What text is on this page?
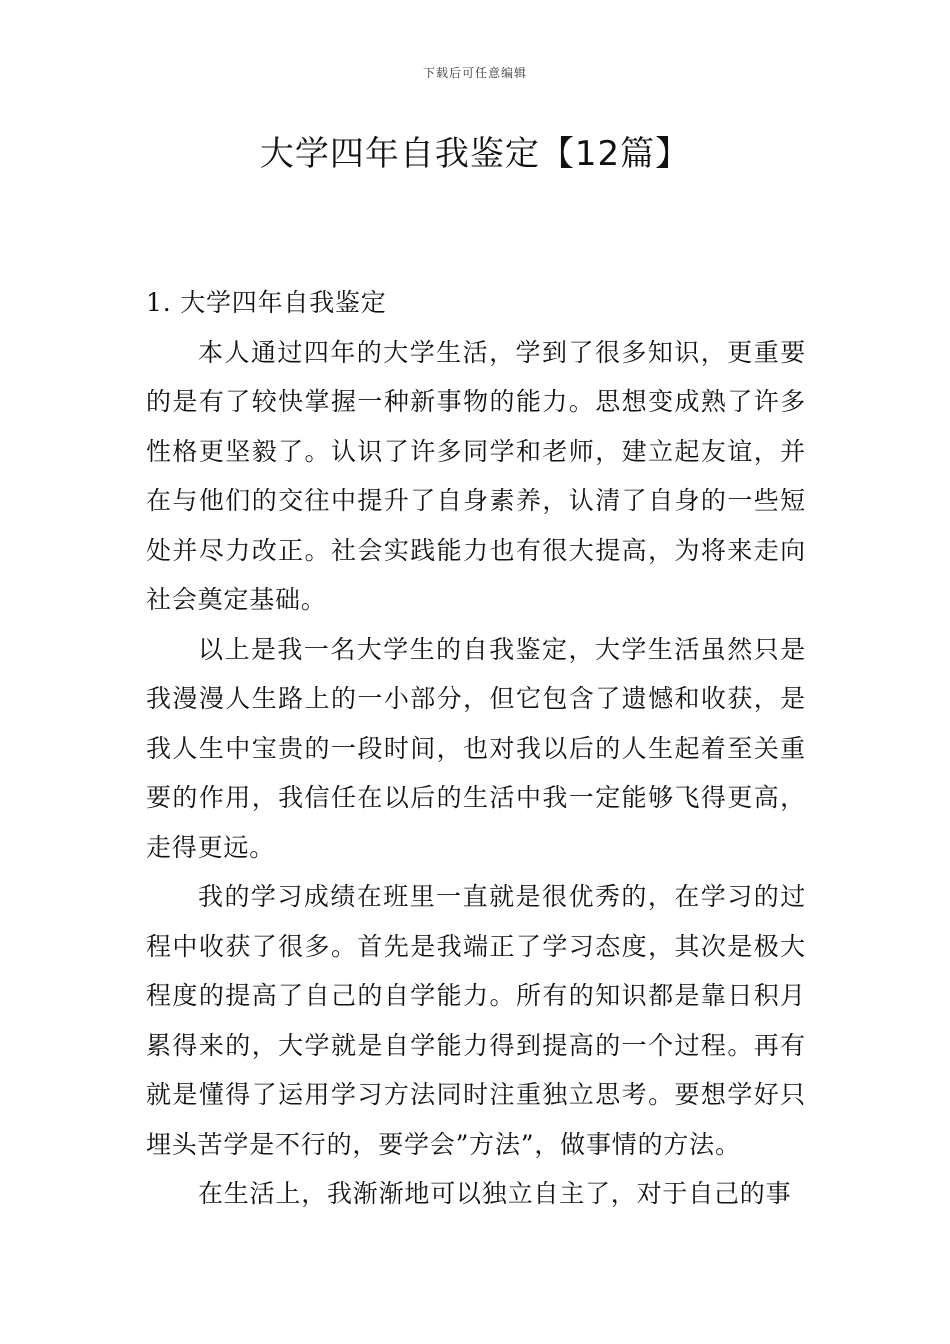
下载后可任意编辑
大学四年自我鉴定【12篇】

1. 大学四年自我鉴定

本人通过四年的大学生活，学到了很多知识，更重要的是有了较快掌握一种新事物的能力。思想变成熟了许多性格更坚毅了。认识了许多同学和老师，建立起友谊，并在与他们的交往中提升了自身素养，认清了自身的一些短处并尽力改正。社会实践能力也有很大提高，为将来走向社会奠定基础。

以上是我一名大学生的自我鉴定，大学生活虽然只是我漫漫人生路上的一小部分，但它包含了遗憾和收获，是我人生中宝贵的一段时间，也对我以后的人生起着至关重要的作用，我信任在以后的生活中我一定能够飞得更高，走得更远。

我的学习成绩在班里一直就是很优秀的，在学习的过程中收获了很多。首先是我端正了学习态度，其次是极大程度的提高了自己的自学能力。所有的知识都是靠日积月累得来的，大学就是自学能力得到提高的一个过程。再有就是懂得了运用学习方法同时注重独立思考。要想学好只埋头苦学是不行的，要学会”方法”，做事情的方法。

在生活上，我渐渐地可以独立自主了，对于自己的事
